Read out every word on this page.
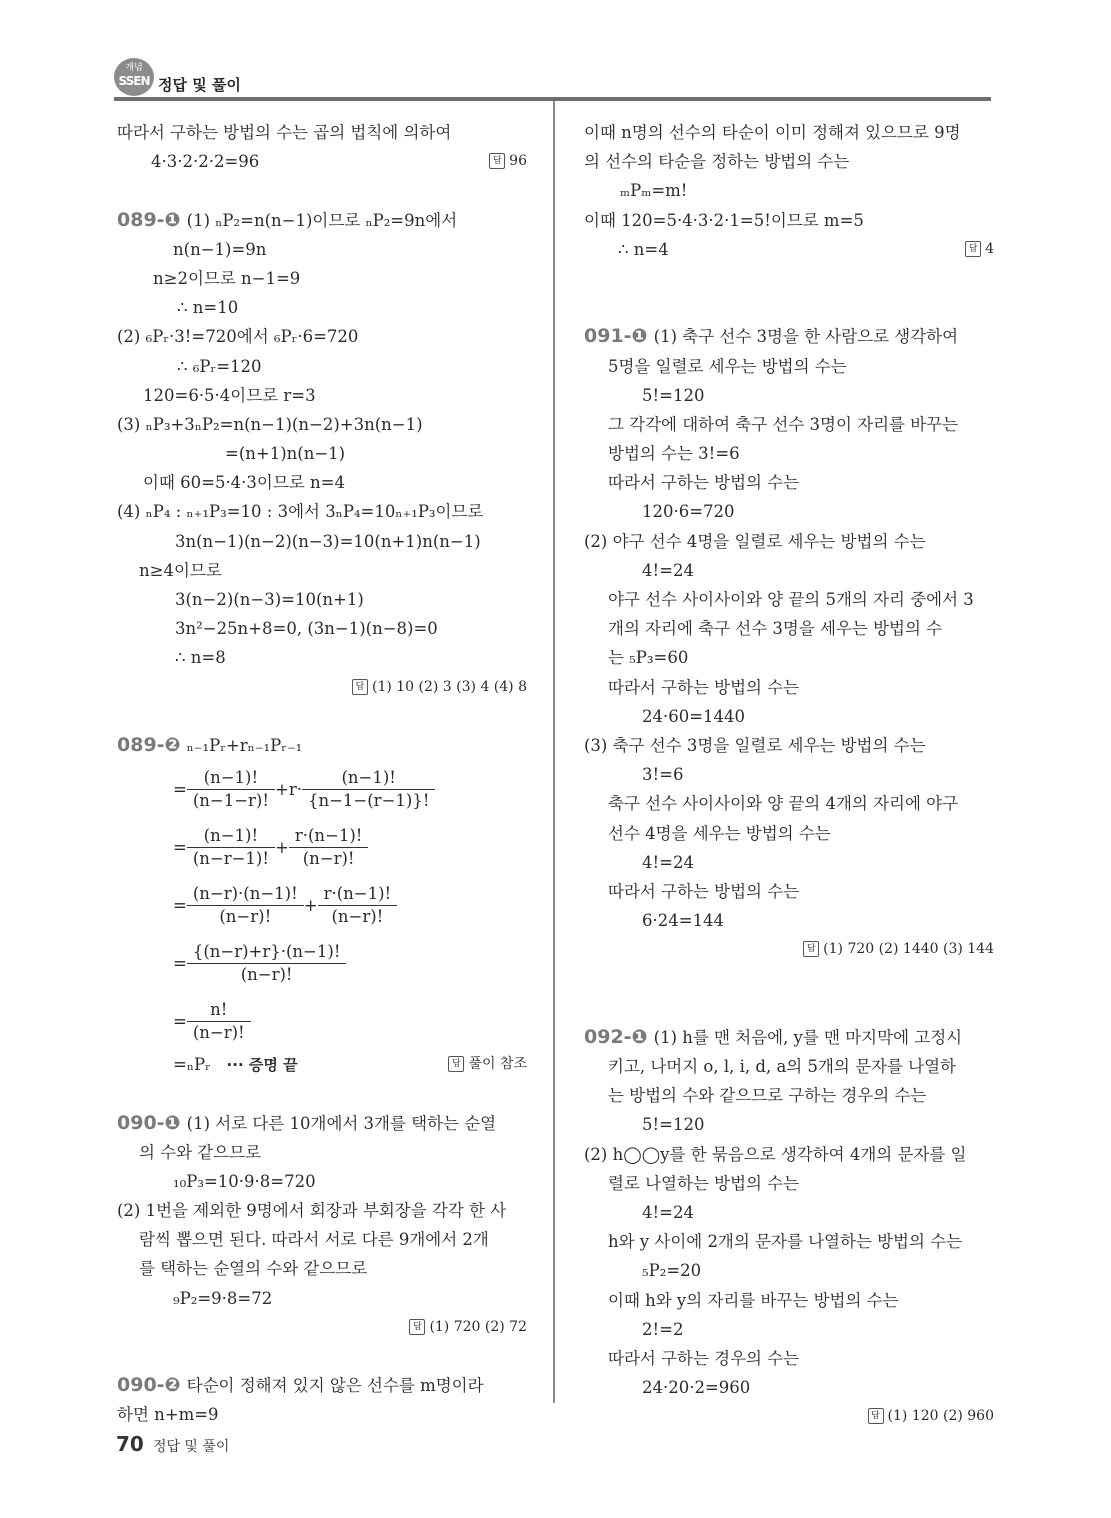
개념
SSEN 정답 및 풀이
따라서 구하는 방법의 수는 곱의 법칙에 의하여
4·3·2·2·2=96	답 96
089-❶ (1) ₙP₂=n(n−1)이므로 ₙP₂=9n에서
n(n−1)=9n
n≥2이므로 n−1=9
∴ n=10
(2) ₆Pᵣ·3!=720에서 ₆Pᵣ·6=720
∴ ₆Pᵣ=120
120=6·5·4이므로 r=3
(3) ₙP₃+3ₙP₂=n(n−1)(n−2)+3n(n−1)
=(n+1)n(n−1)
이때 60=5·4·3이므로 n=4
(4) ₙP₄ : ₙ₊₁P₃=10 : 3에서 3ₙP₄=10ₙ₊₁P₃이므로
3n(n−1)(n−2)(n−3)=10(n+1)n(n−1)
n≥4이므로
3(n−2)(n−3)=10(n+1)
3n²−25n+8=0, (3n−1)(n−8)=0
∴ n=8
답 (1) 10 (2) 3 (3) 4 (4) 8
089-❷ ₙ₋₁Pᵣ+rₙ₋₁Pᵣ₋₁
= $\frac{(n-1)!}{(n-1-r)!} +r\cdot \frac{(n-1)!}{\{n-1-(r-1)\}!}$
= $\frac{(n-1)!}{(n-r-1)!} + \frac{r\cdot(n-1)!}{(n-r)!}$
= $\frac{(n-r)\cdot(n-1)!}{(n-r)!} + \frac{r\cdot(n-1)!}{(n-r)!}$
= $\frac{\{(n-r)+r\}\cdot(n-1)!}{(n-r)!}$
= $\frac{n!}{(n-r)!}$
=ₙPᵣ ··· 증명 끝	답 풀이 참조
090-❶ (1) 서로 다른 10개에서 3개를 택하는 순열
의 수와 같으므로
₁₀P₃=10·9·8=720
(2) 1번을 제외한 9명에서 회장과 부회장을 각각 한 사
람씩 뽑으면 된다. 따라서 서로 다른 9개에서 2개
를 택하는 순열의 수와 같으므로
₉P₂=9·8=72
답 (1) 720 (2) 72
090-❷ 타순이 정해져 있지 않은 선수를 m명이라
하면 n+m=9
이때 n명의 선수의 타순이 이미 정해져 있으므로 9명
의 선수의 타순을 정하는 방법의 수는
ₘPₘ=m!
이때 120=5·4·3·2·1=5!이므로 m=5
∴ n=4	답 4
091-❶ (1) 축구 선수 3명을 한 사람으로 생각하여
5명을 일렬로 세우는 방법의 수는
5!=120
그 각각에 대하여 축구 선수 3명이 자리를 바꾸는
방법의 수는 3!=6
따라서 구하는 방법의 수는
120·6=720
(2) 야구 선수 4명을 일렬로 세우는 방법의 수는
4!=24
야구 선수 사이사이와 양 끝의 5개의 자리 중에서 3
개의 자리에 축구 선수 3명을 세우는 방법의 수
는 ₅P₃=60
따라서 구하는 방법의 수는
24·60=1440
(3) 축구 선수 3명을 일렬로 세우는 방법의 수는
3!=6
축구 선수 사이사이와 양 끝의 4개의 자리에 야구
선수 4명을 세우는 방법의 수는
4!=24
따라서 구하는 방법의 수는
6·24=144
답 (1) 720 (2) 1440 (3) 144
092-❶ (1) h를 맨 처음에, y를 맨 마지막에 고정시
키고, 나머지 o, l, i, d, a의 5개의 문자를 나열하
는 방법의 수와 같으므로 구하는 경우의 수는
5!=120
(2) h◯◯y를 한 묶음으로 생각하여 4개의 문자를 일
렬로 나열하는 방법의 수는
4!=24
h와 y 사이에 2개의 문자를 나열하는 방법의 수는
₅P₂=20
이때 h와 y의 자리를 바꾸는 방법의 수는
2!=2
따라서 구하는 경우의 수는
24·20·2=960
답 (1) 120 (2) 960
70 정답 및 풀이
